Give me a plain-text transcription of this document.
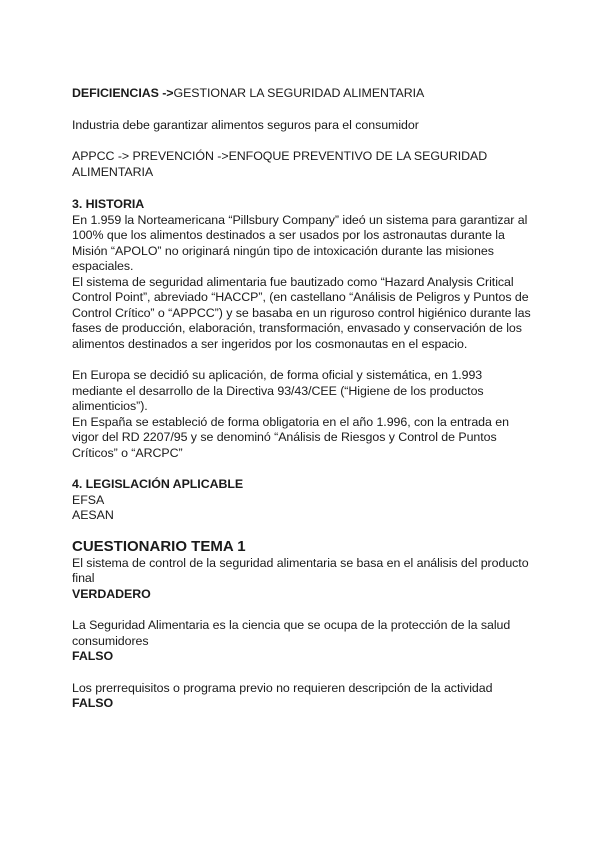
DEFICIENCIAS ->GESTIONAR LA SEGURIDAD ALIMENTARIA
Industria debe garantizar alimentos seguros para el consumidor
APPCC -> PREVENCIÓN ->ENFOQUE PREVENTIVO DE LA SEGURIDAD ALIMENTARIA
3. HISTORIA
En 1.959 la Norteamericana “Pillsbury Company” ideó un sistema para garantizar al 100% que los alimentos destinados a ser usados por los astronautas durante la Misión “APOLO” no originará ningún tipo de intoxicación durante las misiones espaciales.
El sistema de seguridad alimentaria fue bautizado como “Hazard Analysis Critical Control Point”, abreviado “HACCP”, (en castellano “Análisis de Peligros y Puntos de Control Crítico” o “APPCC”) y se basaba en un riguroso control higiénico durante las fases de producción, elaboración, transformación, envasado y conservación de los alimentos destinados a ser ingeridos por los cosmonautas en el espacio.
En Europa se decidió su aplicación, de forma oficial y sistemática, en 1.993 mediante el desarrollo de la Directiva 93/43/CEE (“Higiene de los productos alimenticios”).
En España se estableció de forma obligatoria en el año 1.996, con la entrada en vigor del RD 2207/95 y se denominó “Análisis de Riesgos y Control de Puntos Críticos” o “ARCPC”
4. LEGISLACIÓN APLICABLE
EFSA
AESAN
CUESTIONARIO TEMA 1
El sistema de control de la seguridad alimentaria se basa en el análisis del producto final
VERDADERO
La Seguridad Alimentaria es la ciencia que se ocupa de la protección de la salud consumidores
FALSO
Los prerrequisitos o programa previo no requieren descripción de la actividad
FALSO
